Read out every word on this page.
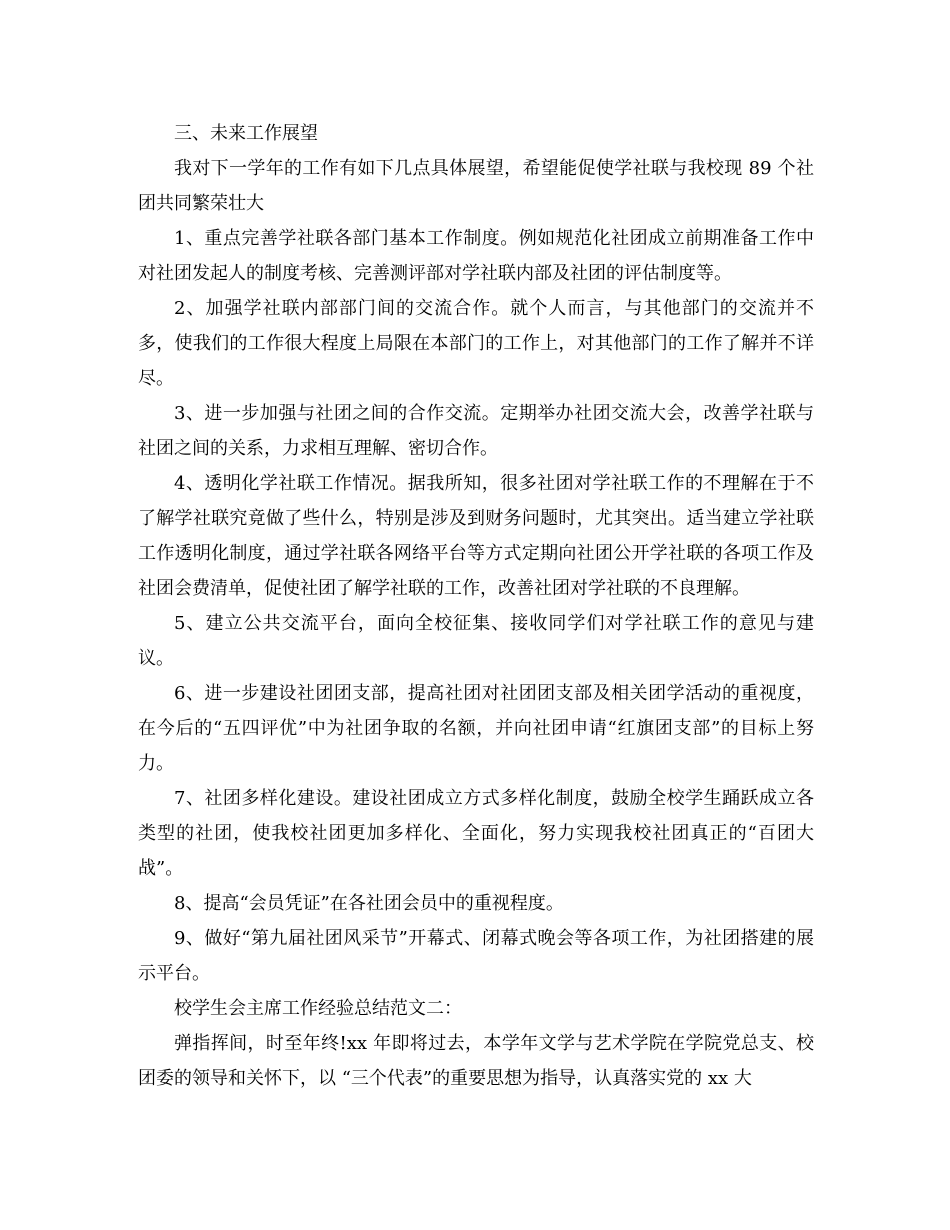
三、未来工作展望

我对下一学年的工作有如下几点具体展望，希望能促使学社联与我校现 89 个社团共同繁荣壮大

1、重点完善学社联各部门基本工作制度。例如规范化社团成立前期准备工作中对社团发起人的制度考核、完善测评部对学社联内部及社团的评估制度等。

2、加强学社联内部部门间的交流合作。就个人而言，与其他部门的交流并不多，使我们的工作很大程度上局限在本部门的工作上，对其他部门的工作了解并不详尽。

3、进一步加强与社团之间的合作交流。定期举办社团交流大会，改善学社联与社团之间的关系，力求相互理解、密切合作。

4、透明化学社联工作情况。据我所知，很多社团对学社联工作的不理解在于不了解学社联究竟做了些什么，特别是涉及到财务问题时，尤其突出。适当建立学社联工作透明化制度，通过学社联各网络平台等方式定期向社团公开学社联的各项工作及社团会费清单，促使社团了解学社联的工作，改善社团对学社联的不良理解。

5、建立公共交流平台，面向全校征集、接收同学们对学社联工作的意见与建议。

6、进一步建设社团团支部，提高社团对社团团支部及相关团学活动的重视度，在今后的“五四评优”中为社团争取的名额，并向社团申请“红旗团支部”的目标上努力。

7、社团多样化建设。建设社团成立方式多样化制度，鼓励全校学生踊跃成立各类型的社团，使我校社团更加多样化、全面化，努力实现我校社团真正的“百团大战”。

8、提高“会员凭证”在各社团会员中的重视程度。

9、做好“第九届社团风采节”开幕式、闭幕式晚会等各项工作，为社团搭建的展示平台。

校学生会主席工作经验总结范文二：

弹指挥间，时至年终!xx 年即将过去，本学年文学与艺术学院在学院党总支、校团委的领导和关怀下，以 “三个代表”的重要思想为指导，认真落实党的 xx 大
